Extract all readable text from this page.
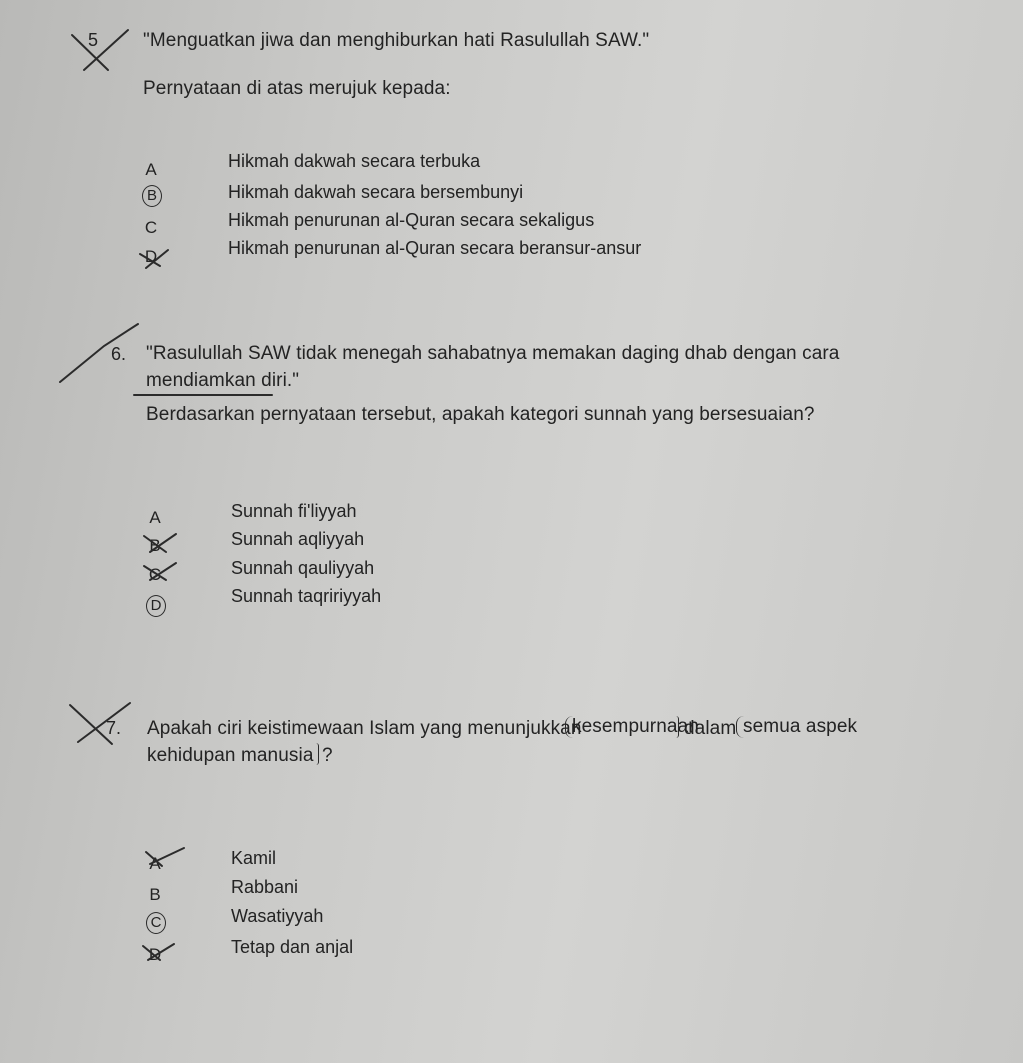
5 "Menguatkan jiwa dan menghiburkan hati Rasulullah SAW."
Pernyataan di atas merujuk kepada:
A	Hikmah dakwah secara terbuka
B	Hikmah dakwah secara bersembunyi
C	Hikmah penurunan al-Quran secara sekaligus
D	Hikmah penurunan al-Quran secara beransur-ansur
6. "Rasulullah SAW tidak menegah sahabatnya memakan daging dhab dengan cara
mendiamkan diri."
Berdasarkan pernyataan tersebut, apakah kategori sunnah yang bersesuaian?
A	Sunnah fi'liyyah
B	Sunnah aqliyyah
C	Sunnah qauliyyah
D	Sunnah taqririyyah
7. Apakah ciri keistimewaan Islam yang menunjukkan
kesempurnaan
dalam semua aspek
kehidupan manusia ?
A	Kamil
B	Rabbani
C	Wasatiyyah
D	Tetap dan anjal
